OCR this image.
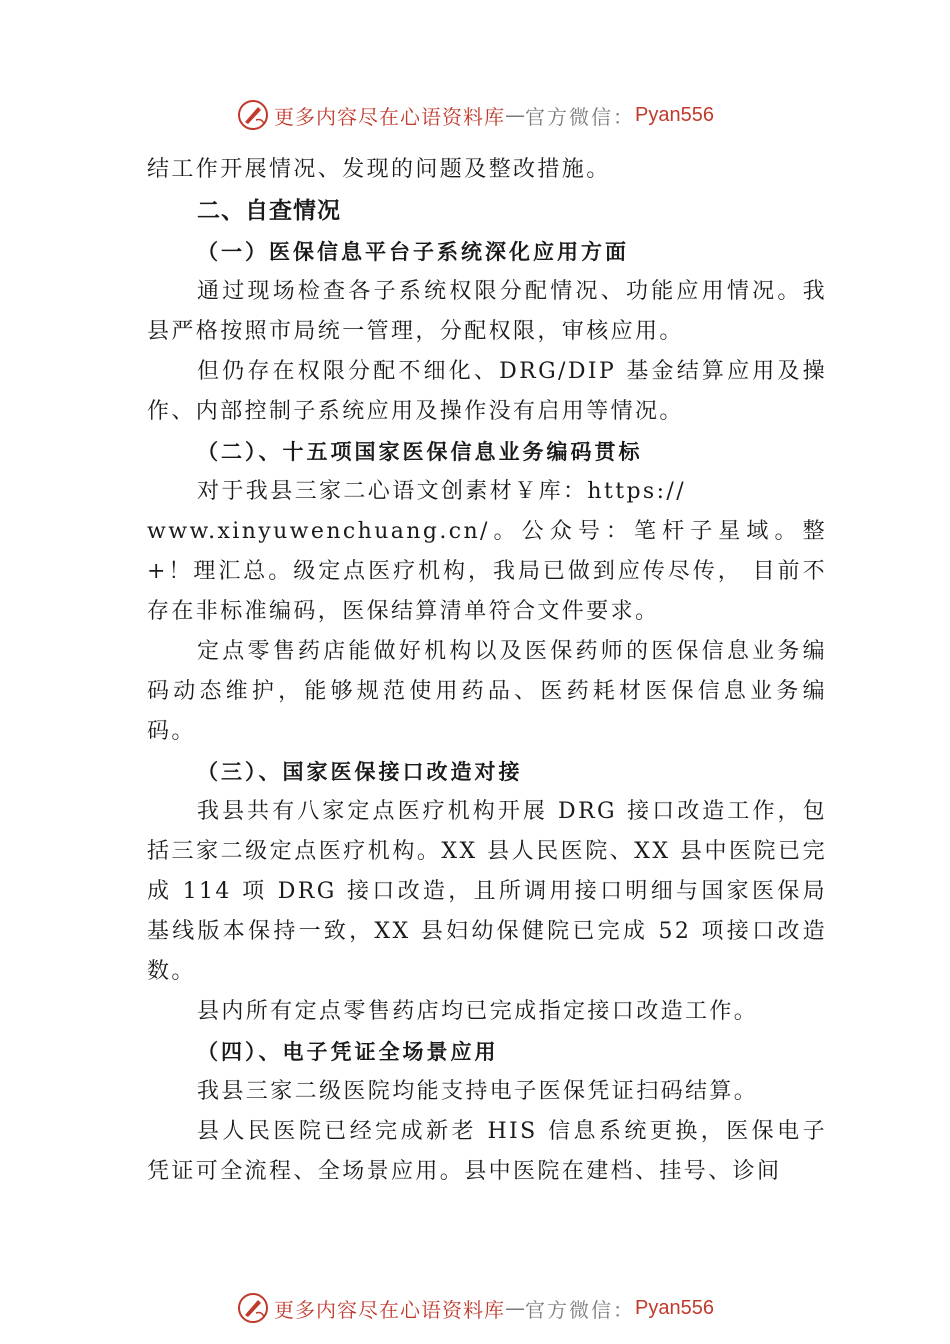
更多内容尽在心语资料库 — 官方微信： Pyan556

结工作开展情况、发现的问题及整改措施。

二、自查情况

（一）医保信息平台子系统深化应用方面

通过现场检查各子系统权限分配情况、功能应用情况。我县严格按照市局统一管理，分配权限，审核应用。

但仍存在权限分配不细化、DRG/DIP 基金结算应用及操作、内部控制子系统应用及操作没有启用等情况。

（二）、十五项国家医保信息业务编码贯标

对于我县三家二心语文创素材￥库：https://
www.xinyuwenchuang.cn/。公众号：笔杆子星域。整+！理汇总。级定点医疗机构，我局已做到应传尽传， 目前不存在非标准编码，医保结算清单符合文件要求。

定点零售药店能做好机构以及医保药师的医保信息业务编码动态维护，能够规范使用药品、医药耗材医保信息业务编码。

（三）、国家医保接口改造对接

我县共有八家定点医疗机构开展 DRG 接口改造工作，包括三家二级定点医疗机构。XX 县人民医院、XX 县中医院已完成 114 项 DRG 接口改造，且所调用接口明细与国家医保局基线版本保持一致，XX 县妇幼保健院已完成 52 项接口改造数。

县内所有定点零售药店均已完成指定接口改造工作。

（四）、电子凭证全场景应用

我县三家二级医院均能支持电子医保凭证扫码结算。

县人民医院已经完成新老 HIS 信息系统更换，医保电子凭证可全流程、全场景应用。县中医院在建档、挂号、诊间

更多内容尽在心语资料库 — 官方微信： Pyan556
